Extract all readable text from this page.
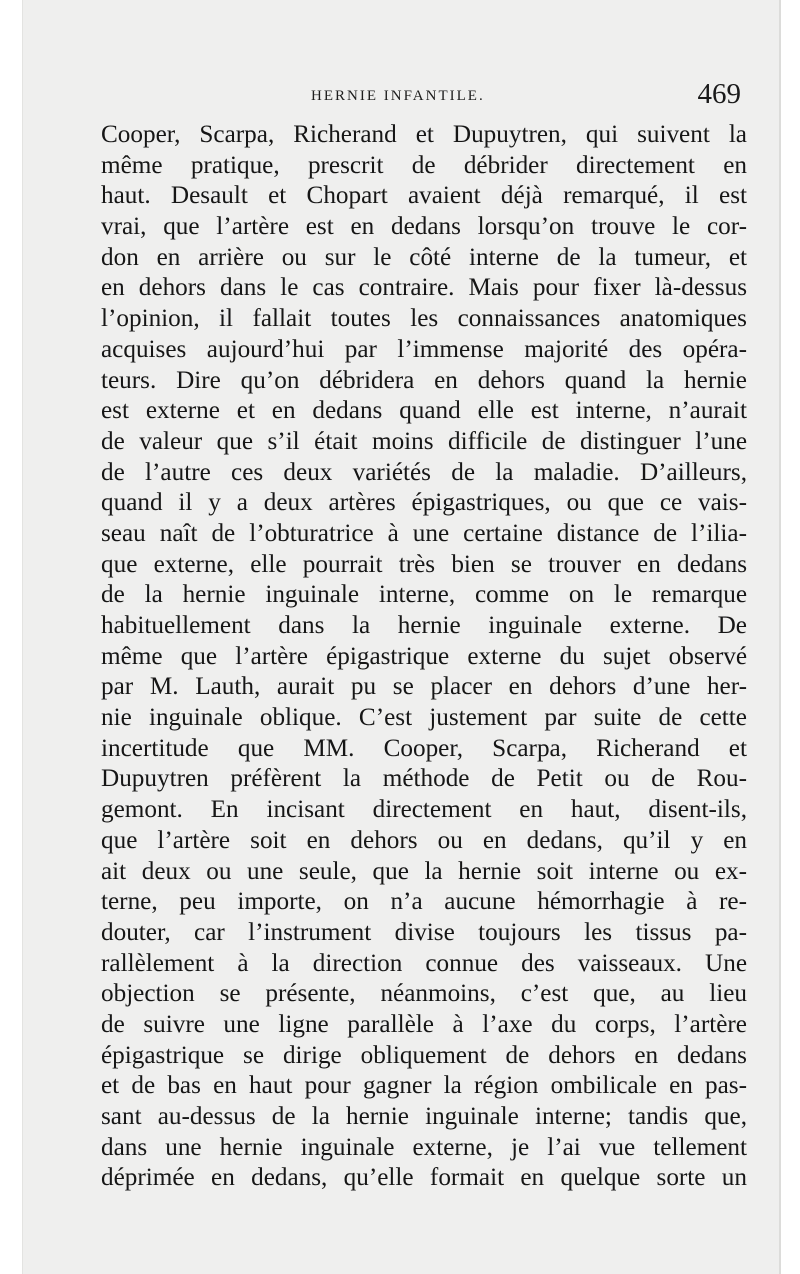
HERNIE INFANTILE.	469
Cooper, Scarpa, Richerand et Dupuytren, qui suivent la
même pratique, prescrit de débrider directement en
haut. Desault et Chopart avaient déjà remarqué, il est
vrai, que l’artère est en dedans lorsqu’on trouve le cor-
don en arrière ou sur le côté interne de la tumeur, et
en dehors dans le cas contraire. Mais pour fixer là-dessus
l’opinion, il fallait toutes les connaissances anatomiques
acquises aujourd’hui par l’immense majorité des opéra-
teurs. Dire qu’on débridera en dehors quand la hernie
est externe et en dedans quand elle est interne, n’aurait
de valeur que s’il était moins difficile de distinguer l’une
de l’autre ces deux variétés de la maladie. D’ailleurs,
quand il y a deux artères épigastriques, ou que ce vais-
seau naît de l’obturatrice à une certaine distance de l’ilia-
que externe, elle pourrait très bien se trouver en dedans
de la hernie inguinale interne, comme on le remarque
habituellement dans la hernie inguinale externe. De
même que l’artère épigastrique externe du sujet observé
par M. Lauth, aurait pu se placer en dehors d’une her-
nie inguinale oblique. C’est justement par suite de cette
incertitude que MM. Cooper, Scarpa, Richerand et
Dupuytren préfèrent la méthode de Petit ou de Rou-
gemont. En incisant directement en haut, disent-ils,
que l’artère soit en dehors ou en dedans, qu’il y en
ait deux ou une seule, que la hernie soit interne ou ex-
terne, peu importe, on n’a aucune hémorrhagie à re-
douter, car l’instrument divise toujours les tissus pa-
rallèlement à la direction connue des vaisseaux. Une
objection se présente, néanmoins, c’est que, au lieu
de suivre une ligne parallèle à l’axe du corps, l’artère
épigastrique se dirige obliquement de dehors en dedans
et de bas en haut pour gagner la région ombilicale en pas-
sant au-dessus de la hernie inguinale interne; tandis que,
dans une hernie inguinale externe, je l’ai vue tellement
déprimée en dedans, qu’elle formait en quelque sorte un
